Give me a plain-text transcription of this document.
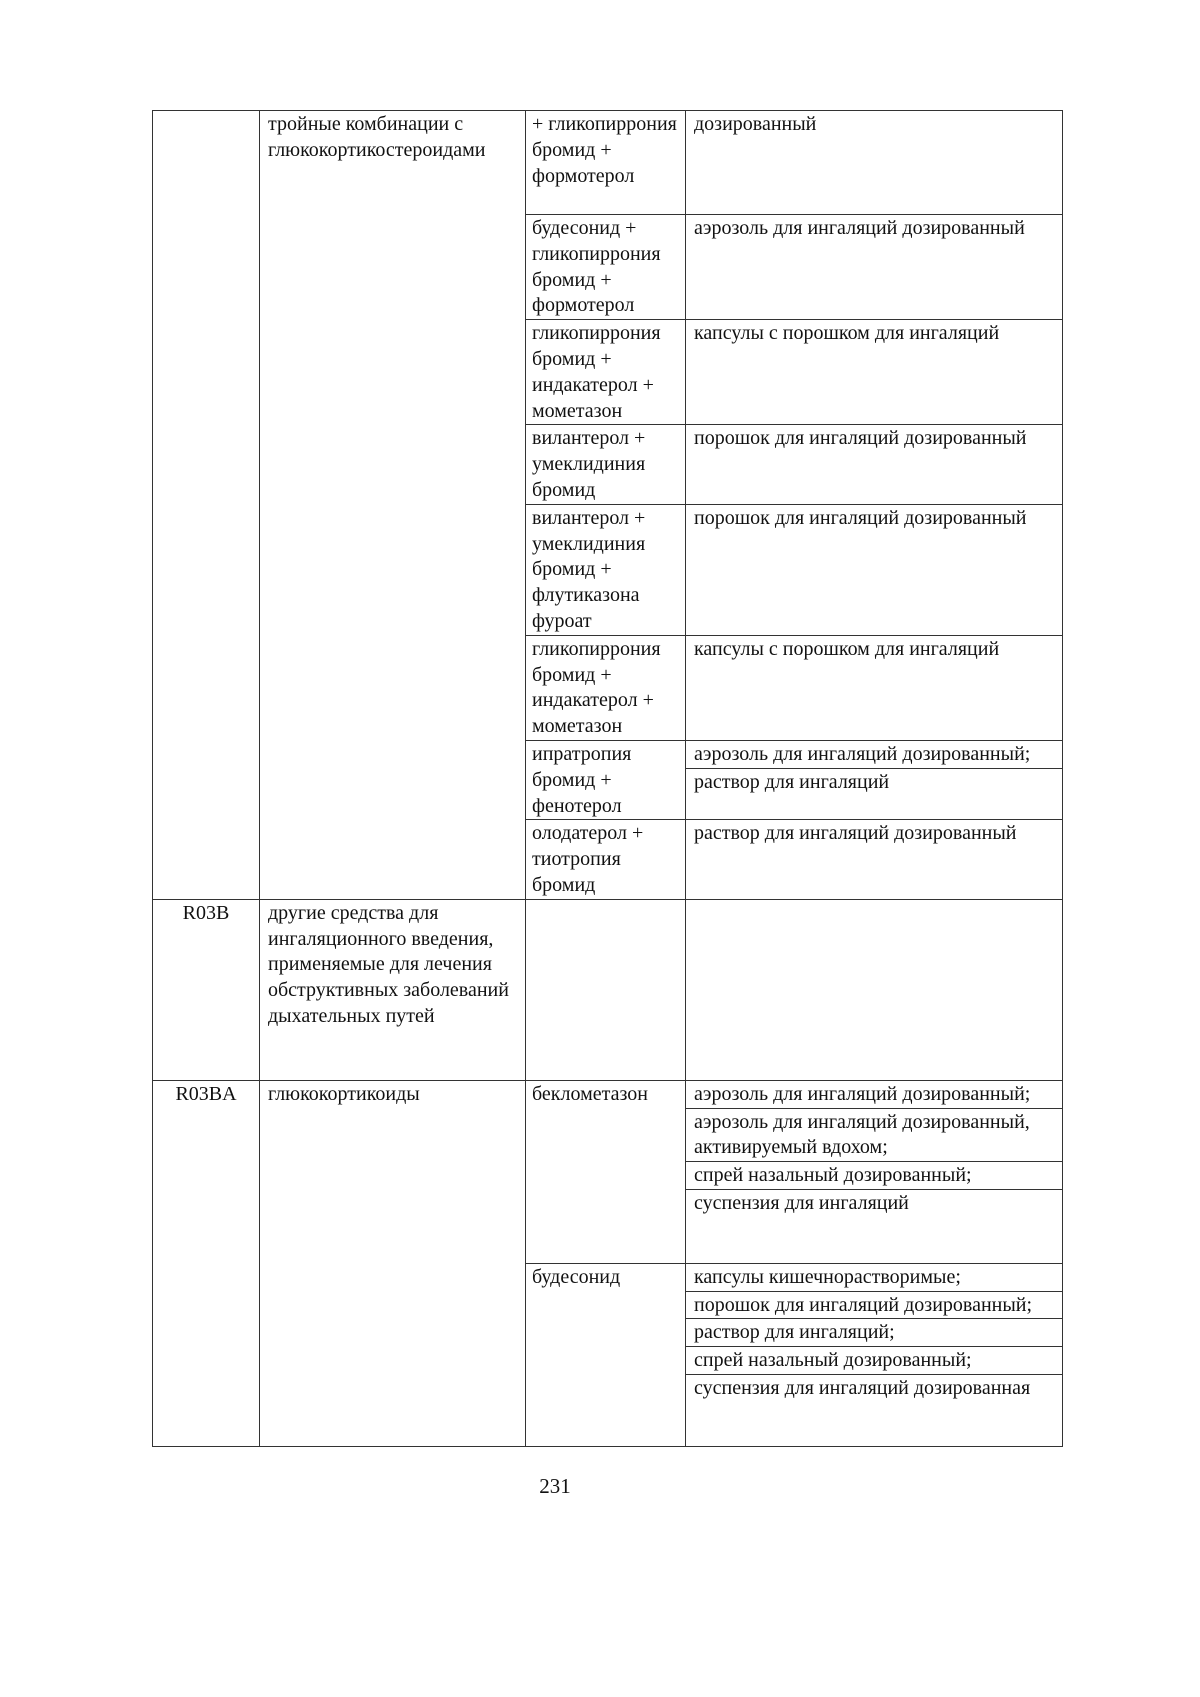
	тройные комбинации с глюкокортикостероидами	+ гликопиррония бромид + формотерол	дозированный

		будесонид + гликопиррония бромид + формотерол	аэрозоль для ингаляций дозированный

		гликопиррония бромид + индакатерол + мометазон	капсулы с порошком для ингаляций

		вилантерол + умеклидиния бромид	порошок для ингаляций дозированный

		вилантерол + умеклидиния бромид + флутиказона фуроат	порошок для ингаляций дозированный

		гликопиррония бромид + индакатерол + мометазон	капсулы с порошком для ингаляций

		ипратропия бромид + фенотерол	аэрозоль для ингаляций дозированный;
раствор для ингаляций

		олодатерол + тиотропия бромид	раствор для ингаляций дозированный

R03B	другие средства для ингаляционного введения, применяемые для лечения обструктивных заболеваний дыхательных путей		
R03BA	глюкокортикоиды	беклометазон	аэрозоль для ингаляций дозированный;
аэрозоль для ингаляций дозированный, активируемый вдохом;
спрей назальный дозированный;
суспензия для ингаляций

		будесонид	капсулы кишечнорастворимые;
порошок для ингаляций дозированный;
раствор для ингаляций;
спрей назальный дозированный;
суспензия для ингаляций дозированная
231
